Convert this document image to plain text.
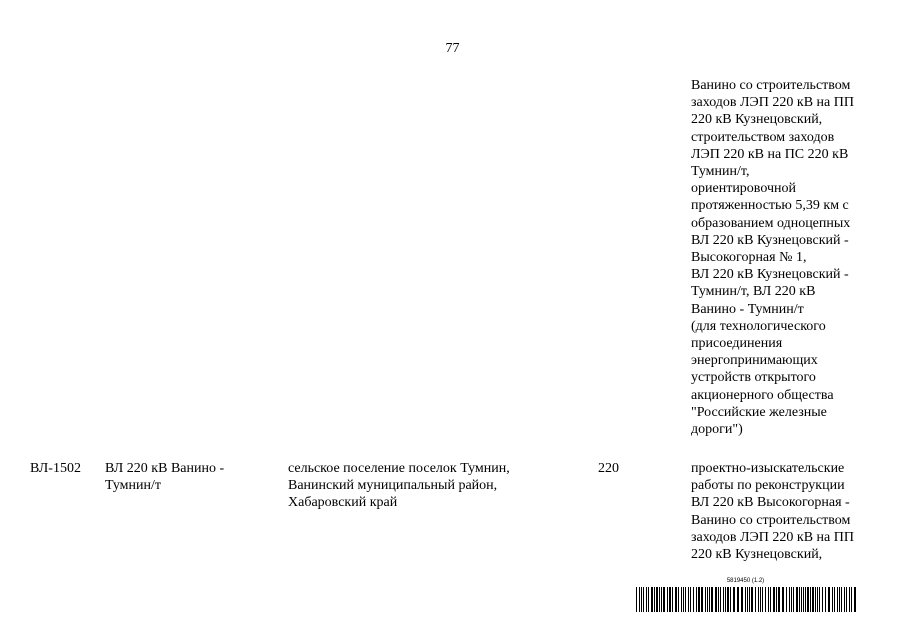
77
Ванино со строительством
заходов ЛЭП 220 кВ на ПП
220 кВ Кузнецовский,
строительством заходов
ЛЭП 220 кВ на ПС 220 кВ
Тумнин/т,
ориентировочной
протяженностью 5,39 км с
образованием одноцепных
ВЛ 220 кВ Кузнецовский -
Высокогорная № 1,
ВЛ 220 кВ Кузнецовский -
Тумнин/т, ВЛ 220 кВ
Ванино - Тумнин/т
(для технологического
присоединения
энергопринимающих
устройств открытого
акционерного общества
"Российские железные
дороги")
ВЛ-1502 ВЛ 220 кВ Ванино -
Тумнин/т
сельское поселение поселок Тумнин,
Ванинский муниципальный район,
Хабаровский край
220	проектно-изыскательские
работы по реконструкции
ВЛ 220 кВ Высокогорная -
Ванино со строительством
заходов ЛЭП 220 кВ на ПП
220 кВ Кузнецовский,
5819450 (1.2)
